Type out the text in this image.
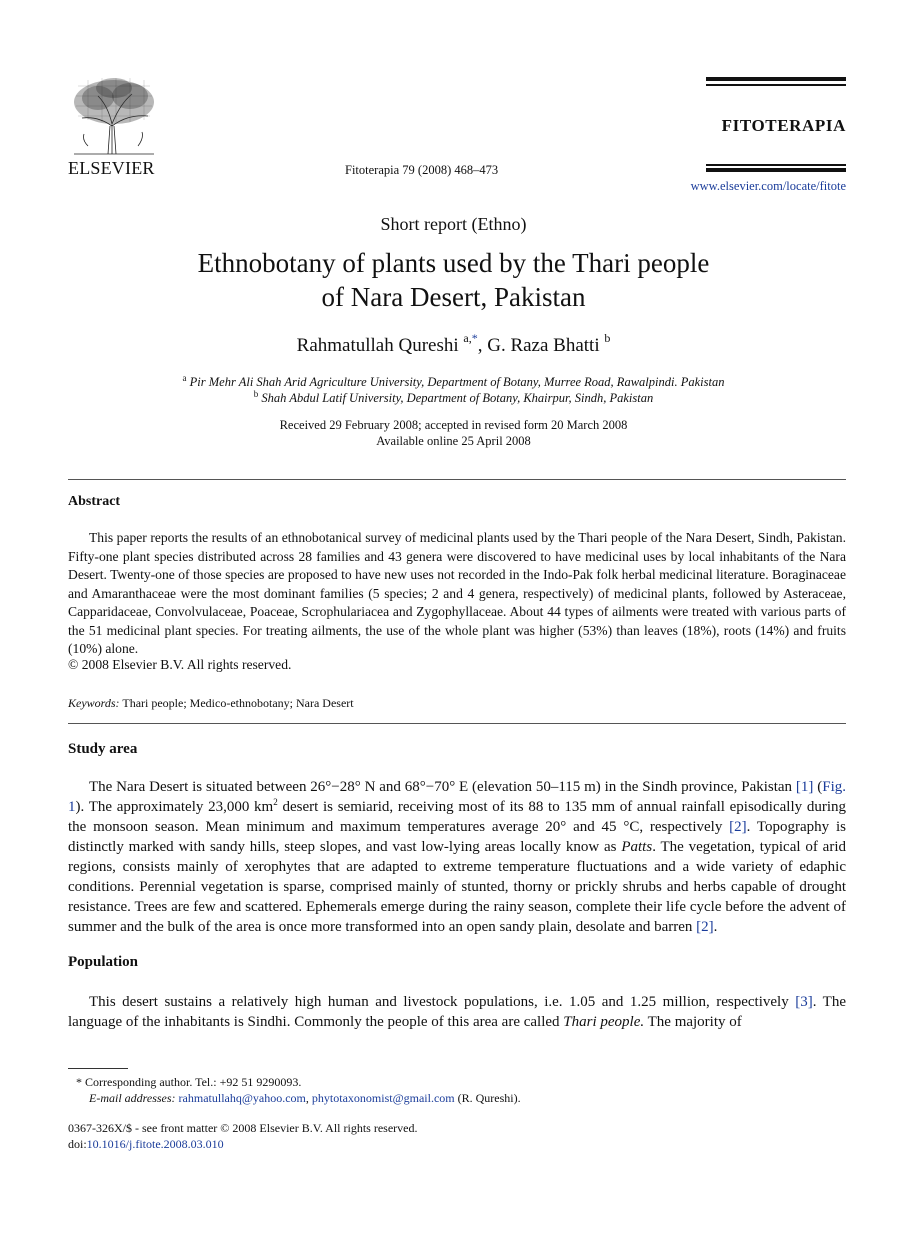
ELSEVIER	Fitoterapia 79 (2008) 468–473
FITOTERAPIA
www.elsevier.com/locate/fitote
Short report (Ethno)
Ethnobotany of plants used by the Thari people
of Nara Desert, Pakistan
Rahmatullah Qureshi $^{a,*}$, G. Raza Bhatti $^b$
$^a$ Pir Mehr Ali Shah Arid Agriculture University, Department of Botany, Murree Road, Rawalpindi. Pakistan
$^b$ Shah Abdul Latif University, Department of Botany, Khairpur, Sindh, Pakistan
Received 29 February 2008; accepted in revised form 20 March 2008
Available online 25 April 2008
Abstract

This paper reports the results of an ethnobotanical survey of medicinal plants used by the Thari people of the Nara Desert, Sindh, Pakistan. Fifty-one plant species distributed across 28 families and 43 genera were discovered to have medicinal uses by local inhabitants of the Nara Desert. Twenty-one of those species are proposed to have new uses not recorded in the Indo-Pak folk herbal medicinal literature. Boraginaceae and Amaranthaceae were the most dominant families (5 species; 2 and 4 genera, respectively) of medicinal plants, followed by Asteraceae, Capparidaceae, Convolvulaceae, Poaceae, Scrophulariacea and Zygophyllaceae. About 44 types of ailments were treated with various parts of the 51 medicinal plant species. For treating ailments, the use of the whole plant was higher (53%) than leaves (18%), roots (14%) and fruits (10%) alone.

© 2008 Elsevier B.V. All rights reserved.
Keywords: Thari people; Medico-ethnobotany; Nara Desert
Study area

The Nara Desert is situated between 26°−28° N and 68°−70° E (elevation 50–115 m) in the Sindh province, Pakistan [1] (Fig. 1). The approximately 23,000 $km^2$ desert is semiarid, receiving most of its 88 to 135 mm of annual rainfall episodically during the monsoon season. Mean minimum and maximum temperatures average 20° and 45 °C, respectively [2]. Topography is distinctly marked with sandy hills, steep slopes, and vast low-lying areas locally know as Patts. The vegetation, typical of arid regions, consists mainly of xerophytes that are adapted to extreme temperature fluctuations and a wide variety of edaphic conditions. Perennial vegetation is sparse, comprised mainly of stunted, thorny or prickly shrubs and herbs capable of drought resistance. Trees are few and scattered. Ephemerals emerge during the rainy season, complete their life cycle before the advent of summer and the bulk of the area is once more transformed into an open sandy plain, desolate and barren [2].

Population

This desert sustains a relatively high human and livestock populations, i.e. 1.05 and 1.25 million, respectively [3]. The language of the inhabitants is Sindhi. Commonly the people of this area are called Thari people. The majority of

* Corresponding author. Tel.: +92 51 9290093.
E-mail addresses: rahmatullahq@yahoo.com, phytotaxonomist@gmail.com (R. Qureshi).
0367-326X/$ - see front matter © 2008 Elsevier B.V. All rights reserved.
doi:10.1016/j.fitote.2008.03.010
